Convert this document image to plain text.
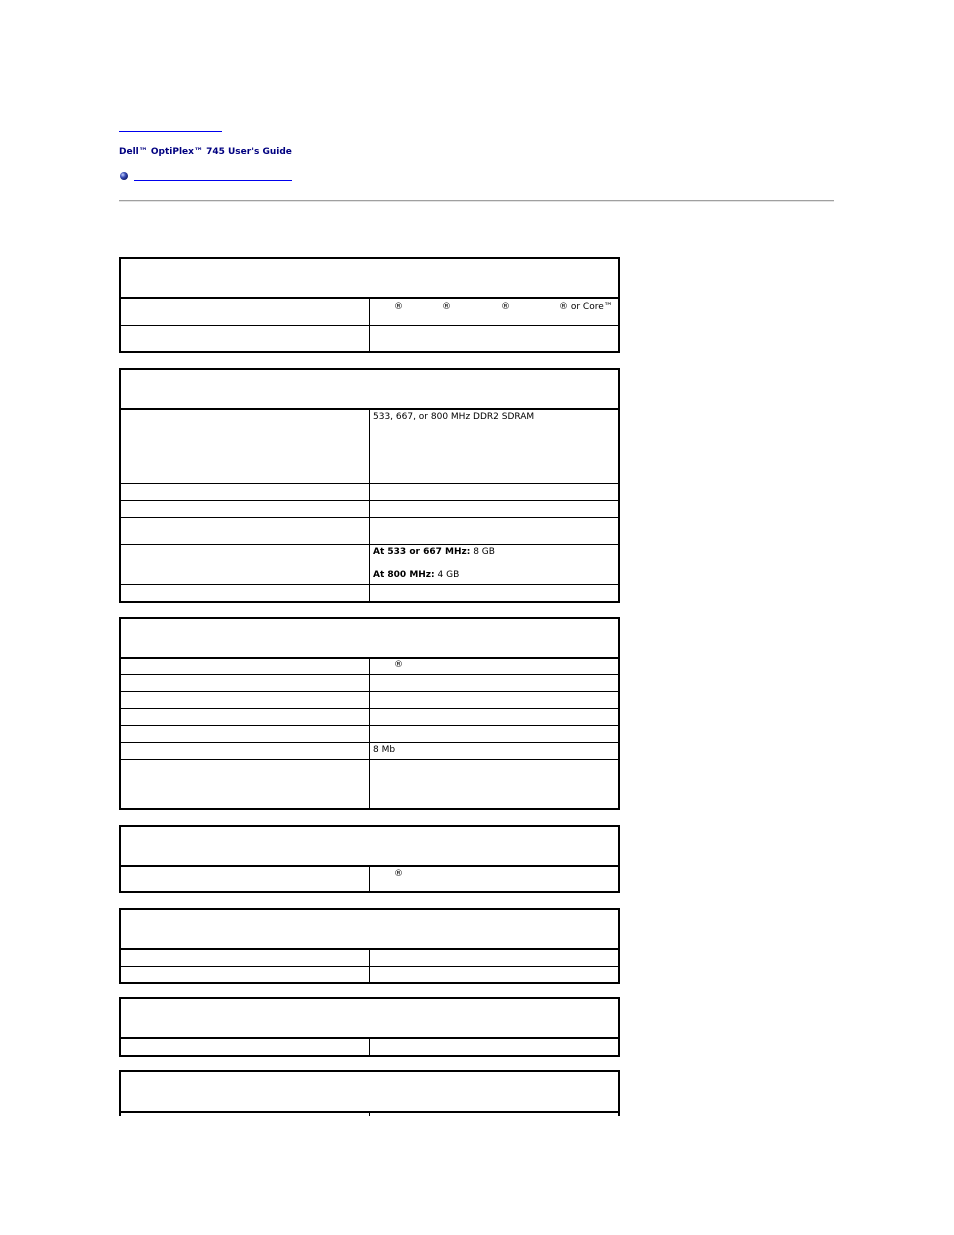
Dell™ OptiPlex™ 745 User's Guide
®	®	®	® or Core™
533, 667, or 800 MHz DDR2 SDRAM
At 533 or 667 MHz: 8 GB
At 800 MHz: 4 GB
®
8 Mb
®
